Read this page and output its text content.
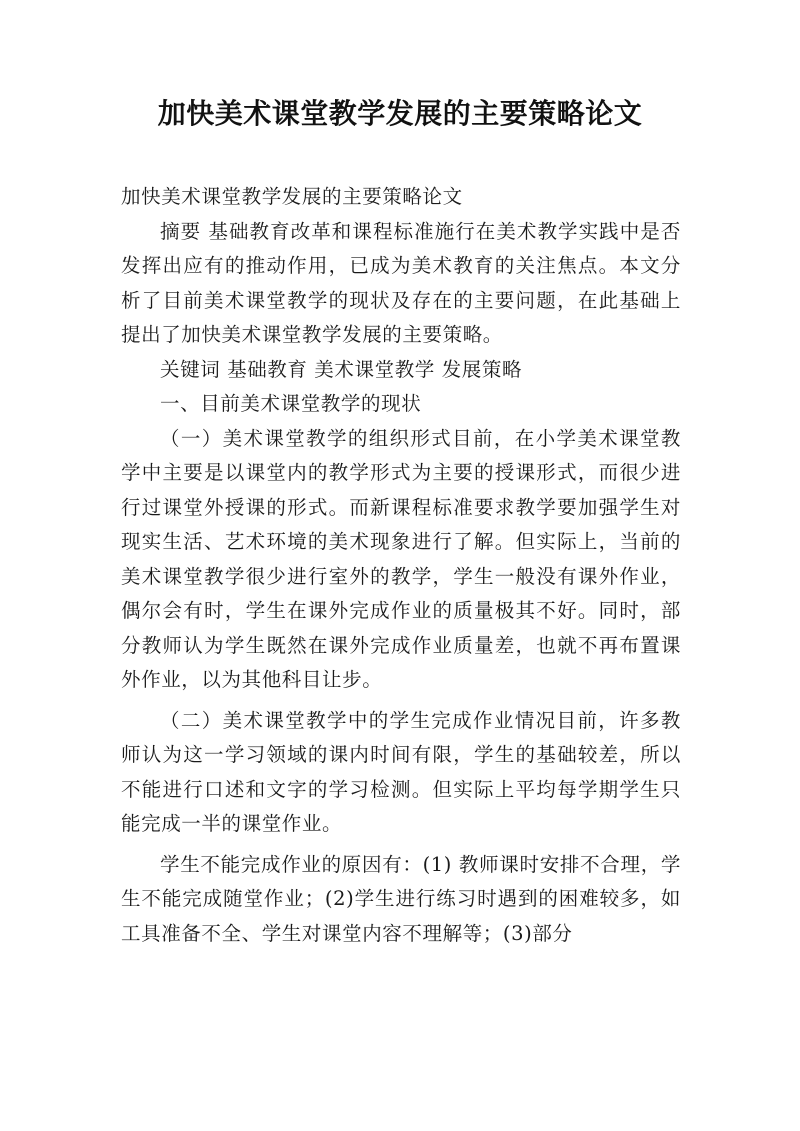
加快美术课堂教学发展的主要策略论文

加快美术课堂教学发展的主要策略论文

摘要 基础教育改革和课程标准施行在美术教学实践中是否发挥出应有的推动作用，已成为美术教育的关注焦点。本文分析了目前美术课堂教学的现状及存在的主要问题，在此基础上提出了加快美术课堂教学发展的主要策略。

关键词 基础教育 美术课堂教学 发展策略

一、目前美术课堂教学的现状

（一）美术课堂教学的组织形式目前，在小学美术课堂教学中主要是以课堂内的教学形式为主要的授课形式，而很少进行过课堂外授课的形式。而新课程标准要求教学要加强学生对现实生活、艺术环境的美术现象进行了解。但实际上，当前的美术课堂教学很少进行室外的教学，学生一般没有课外作业，偶尔会有时，学生在课外完成作业的质量极其不好。同时，部分教师认为学生既然在课外完成作业质量差，也就不再布置课外作业，以为其他科目让步。

（二）美术课堂教学中的学生完成作业情况目前，许多教师认为这一学习领域的课内时间有限，学生的基础较差，所以不能进行口述和文字的学习检测。但实际上平均每学期学生只能完成一半的课堂作业。

学生不能完成作业的原因有：(1) 教师课时安排不合理，学生不能完成随堂作业；(2)学生进行练习时遇到的困难较多，如工具准备不全、学生对课堂内容不理解等；(3)部分
